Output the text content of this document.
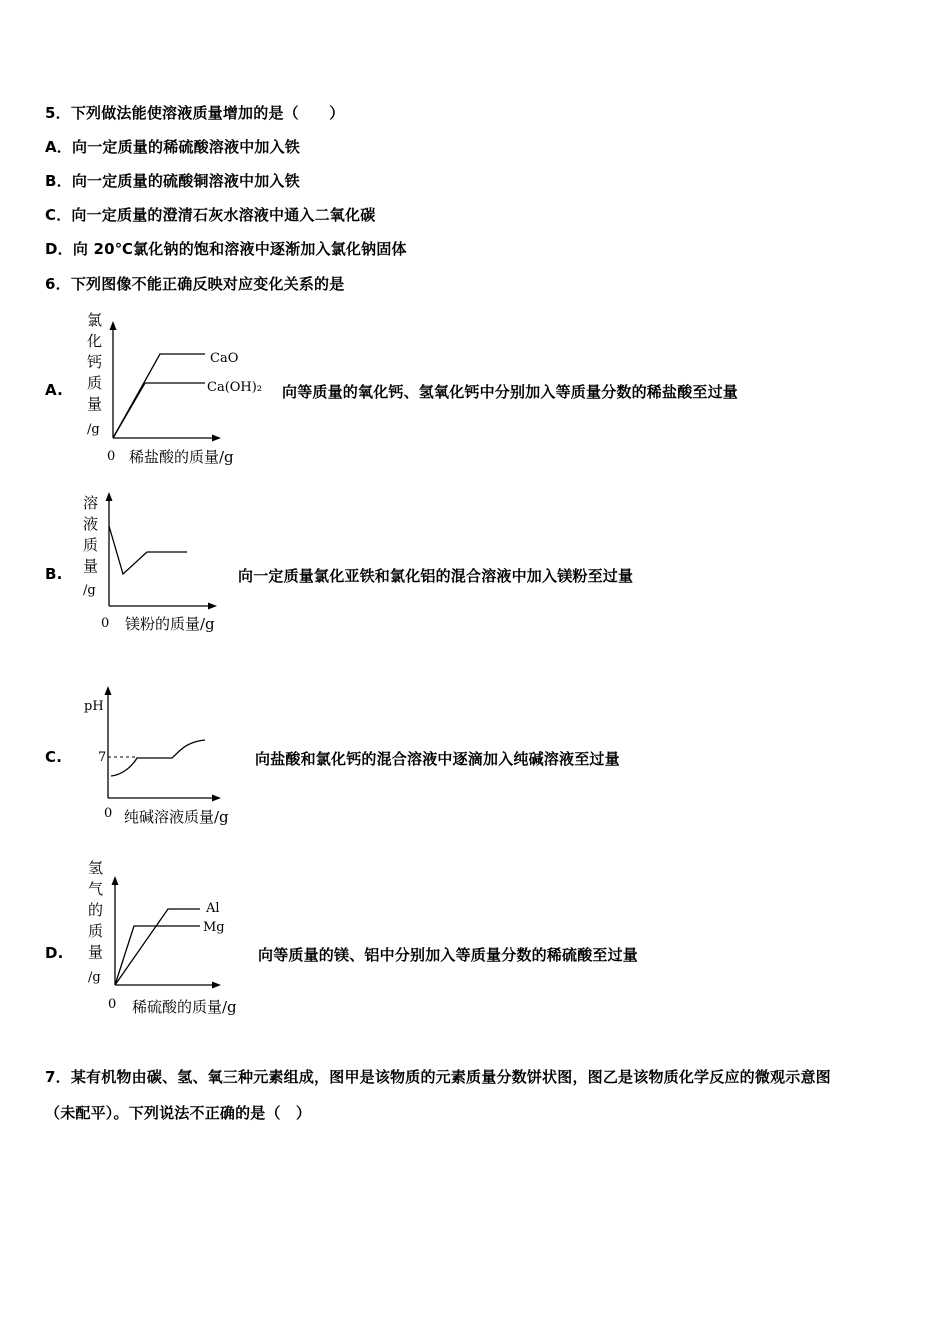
5．下列做法能使溶液质量增加的是（　　）
A．向一定质量的稀硫酸溶液中加入铁
B．向一定质量的硫酸铜溶液中加入铁
C．向一定质量的澄清石灰水溶液中通入二氧化碳
D．向 20℃氯化钠的饱和溶液中逐渐加入氯化钠固体
6．下列图像不能正确反映对应变化关系的是
A.	向等质量的氧化钙、氢氧化钙中分别加入等质量分数的稀盐酸至过量
氯
化
钙
质
量
/g
0 稀盐酸的质量/g
CaO
Ca(OH)₂
B.	向一定质量氯化亚铁和氯化铝的混合溶液中加入镁粉至过量
溶
液
质
量
/g
0 镁粉的质量/g
C.	向盐酸和氯化钙的混合溶液中逐滴加入纯碱溶液至过量
pH
7
0 纯碱溶液质量/g
D.	向等质量的镁、铝中分别加入等质量分数的稀硫酸至过量
氢
气
的
质
量
/g
0 稀硫酸的质量/g
Al
Mg
7．某有机物由碳、氢、氧三种元素组成，图甲是该物质的元素质量分数饼状图，图乙是该物质化学反应的微观示意图
（未配平）。下列说法不正确的是（　）
